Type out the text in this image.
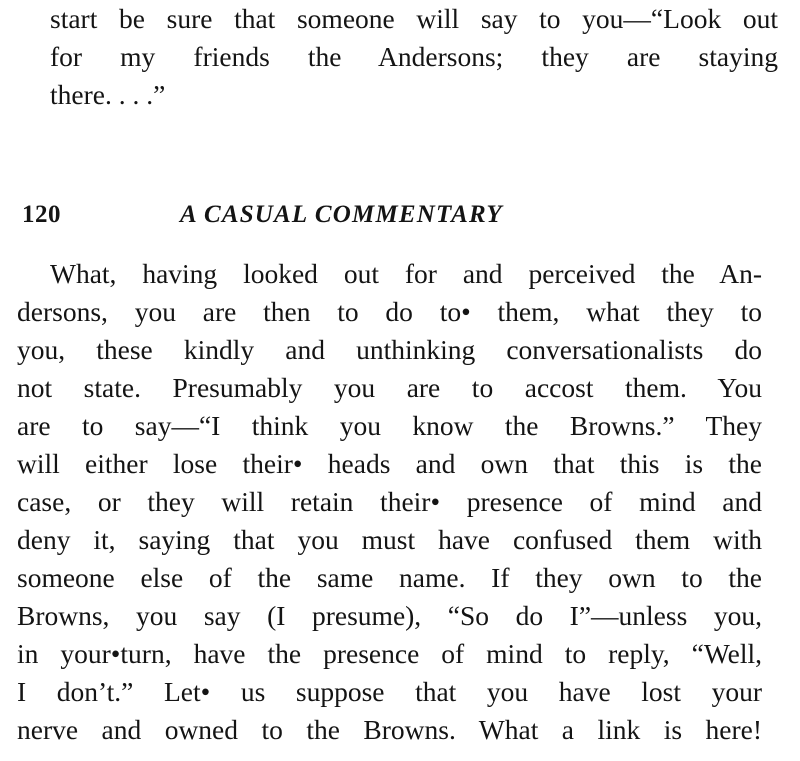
start be sure that someone will say to you—“Look out
for my friends the Andersons; they are staying
there. . . .”
120	A CASUAL COMMENTARY
What, having looked out for and perceived the An-
dersons, you are then to do to• them, what they to
you, these kindly and unthinking conversationalists do
not state. Presumably you are to accost them. You
are to say—“I think you know the Browns.” They
will either lose their• heads and own that this is the
case, or they will retain their• presence of mind and
deny it, saying that you must have confused them with
someone else of the same name. If they own to the
Browns, you say (I presume), “So do I”—unless you,
in your•turn, have the presence of mind to reply, “Well,
I don’t.” Let• us suppose that you have lost your
nerve and owned to the Browns. What a link is here!
